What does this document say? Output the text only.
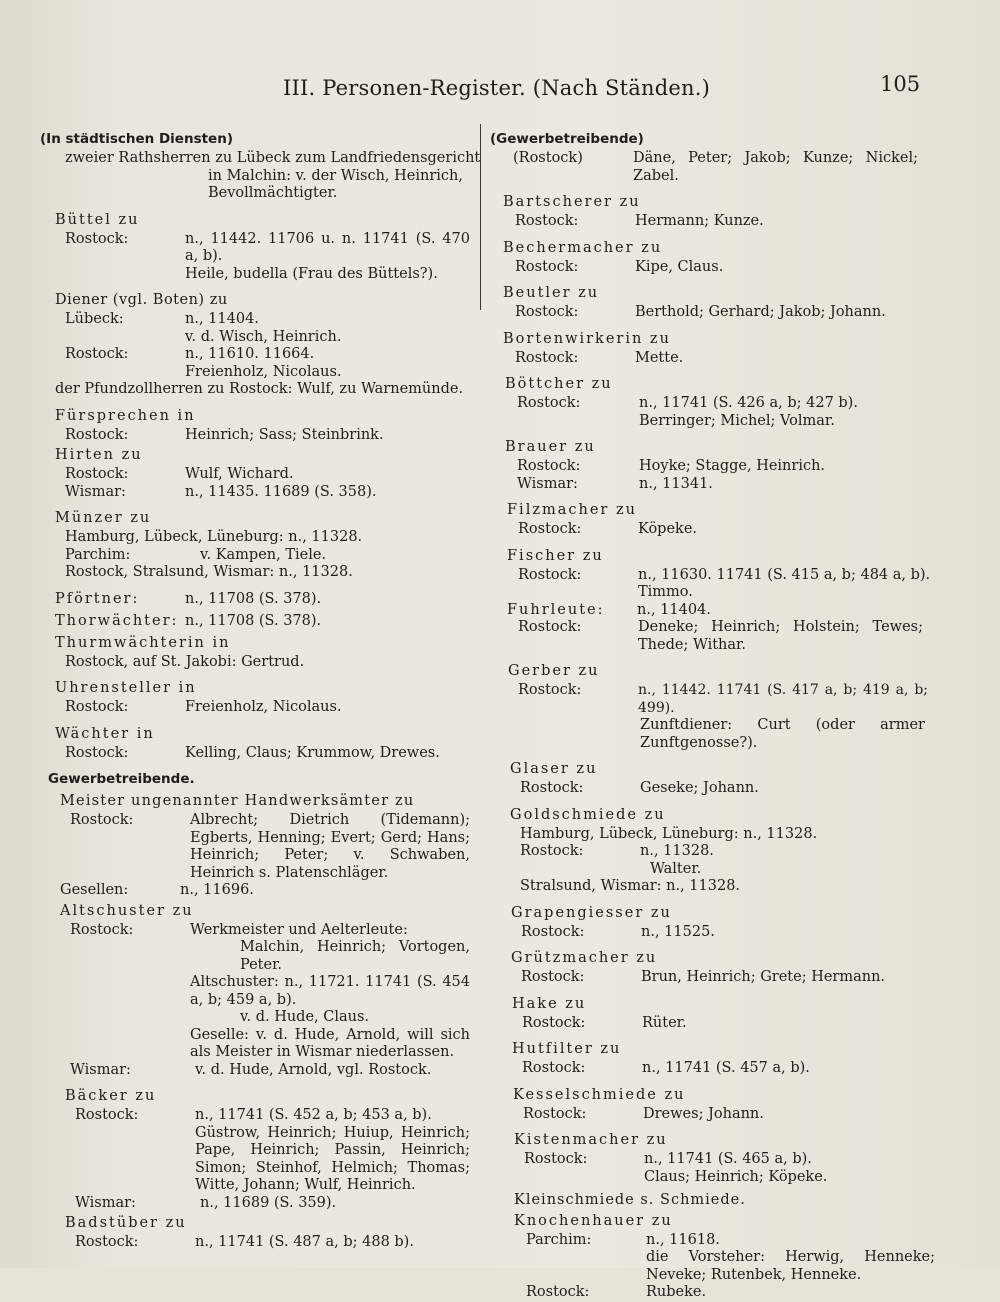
III. Personen-Register. (Nach Ständen.)	105
(In städtischen Diensten)
zweier Rathsherren zu Lübeck zum Landfriedensgericht
in Malchin: v. der Wisch, Heinrich,
Bevollmächtigter.
Büttel zu
Rostock:	n., 11442. 11706 u. n. 11741 (S. 470 a, b).
Heile, budella (Frau des Büttels?).
Diener (vgl. Boten) zu
Lübeck:	n., 11404.
v. d. Wisch, Heinrich.
Rostock:	n., 11610. 11664.
Freienholz, Nicolaus.
der Pfundzollherren zu Rostock: Wulf, zu Warnemünde.
Fürsprechen in
Rostock:	Heinrich; Sass; Steinbrink.
Hirten zu
Rostock:	Wulf, Wichard.
Wismar:	n., 11435. 11689 (S. 358).
Münzer zu
Hamburg, Lübeck, Lüneburg: n., 11328.
Parchim:	v. Kampen, Tiele.
Rostock, Stralsund, Wismar: n., 11328.
Pförtner:	n., 11708 (S. 378).
Thorwächter: n., 11708 (S. 378).
Thurmwächterin in
Rostock, auf St. Jakobi: Gertrud.
Uhrensteller in
Rostock:	Freienholz, Nicolaus.
Wächter in
Rostock:	Kelling, Claus; Krummow, Drewes.
Gewerbetreibende.
Meister ungenannter Handwerksämter zu
Rostock:	Albrecht; Dietrich (Tidemann); Egberts, Henning; Evert; Gerd; Hans; Heinrich; Peter; v. Schwaben, Heinrich s. Platenschläger.
Gesellen:	n., 11696.
Altschuster zu
Rostock:	Werkmeister und Aelterleute:
Malchin, Heinrich; Vortogen, Peter.
Altschuster: n., 11721. 11741 (S. 454 a, b; 459 a, b).
v. d. Hude, Claus.
Geselle: v. d. Hude, Arnold, will sich als Meister in Wismar niederlassen.
Wismar:	v. d. Hude, Arnold, vgl. Rostock.
Bäcker zu
Rostock:	n., 11741 (S. 452 a, b; 453 a, b).
Güstrow, Heinrich; Huiup, Heinrich; Pape, Heinrich; Passin, Heinrich; Simon; Steinhof, Helmich; Thomas; Witte, Johann; Wulf, Heinrich.
Wismar:	n., 11689 (S. 359).
Badstüber zu
Rostock:	n., 11741 (S. 487 a, b; 488 b).
(Gewerbetreibende)
(Rostock)	Däne, Peter; Jakob; Kunze; Nickel; Zabel.
Bartscherer zu
Rostock:	Hermann; Kunze.
Bechermacher zu
Rostock:	Kipe, Claus.
Beutler zu
Rostock:	Berthold; Gerhard; Jakob; Johann.
Bortenwirkerin zu
Rostock:	Mette.
Böttcher zu
Rostock:	n., 11741 (S. 426 a, b; 427 b).
Berringer; Michel; Volmar.
Brauer zu
Rostock:	Hoyke; Stagge, Heinrich.
Wismar:	n., 11341.
Filzmacher zu
Rostock:	Köpeke.
Fischer zu
Rostock:	n., 11630. 11741 (S. 415 a, b; 484 a, b).
Timmo.
Fuhrleute:	n., 11404.
Rostock:	Deneke; Heinrich; Holstein; Tewes; Thede; Withar.
Gerber zu
Rostock:	n., 11442. 11741 (S. 417 a, b; 419 a, b; 499).
Zunftdiener: Curt (oder armer Zunftgenosse?).
Glaser zu
Rostock:	Geseke; Johann.
Goldschmiede zu
Hamburg, Lübeck, Lüneburg: n., 11328.
Rostock:	n., 11328.
Walter.
Stralsund, Wismar: n., 11328.
Grapengiesser zu
Rostock:	n., 11525.
Grützmacher zu
Rostock:	Brun, Heinrich; Grete; Hermann.
Hake zu
Rostock:	Rüter.
Hutfilter zu
Rostock:	n., 11741 (S. 457 a, b).
Kesselschmiede zu
Rostock:	Drewes; Johann.
Kistenmacher zu
Rostock:	n., 11741 (S. 465 a, b).
Claus; Heinrich; Köpeke.
Kleinschmiede s. Schmiede.
Knochenhauer zu
Parchim:	n., 11618.
die Vorsteher: Herwig, Henneke; Neveke; Rutenbek, Henneke.
Rostock:	Rubeke.
